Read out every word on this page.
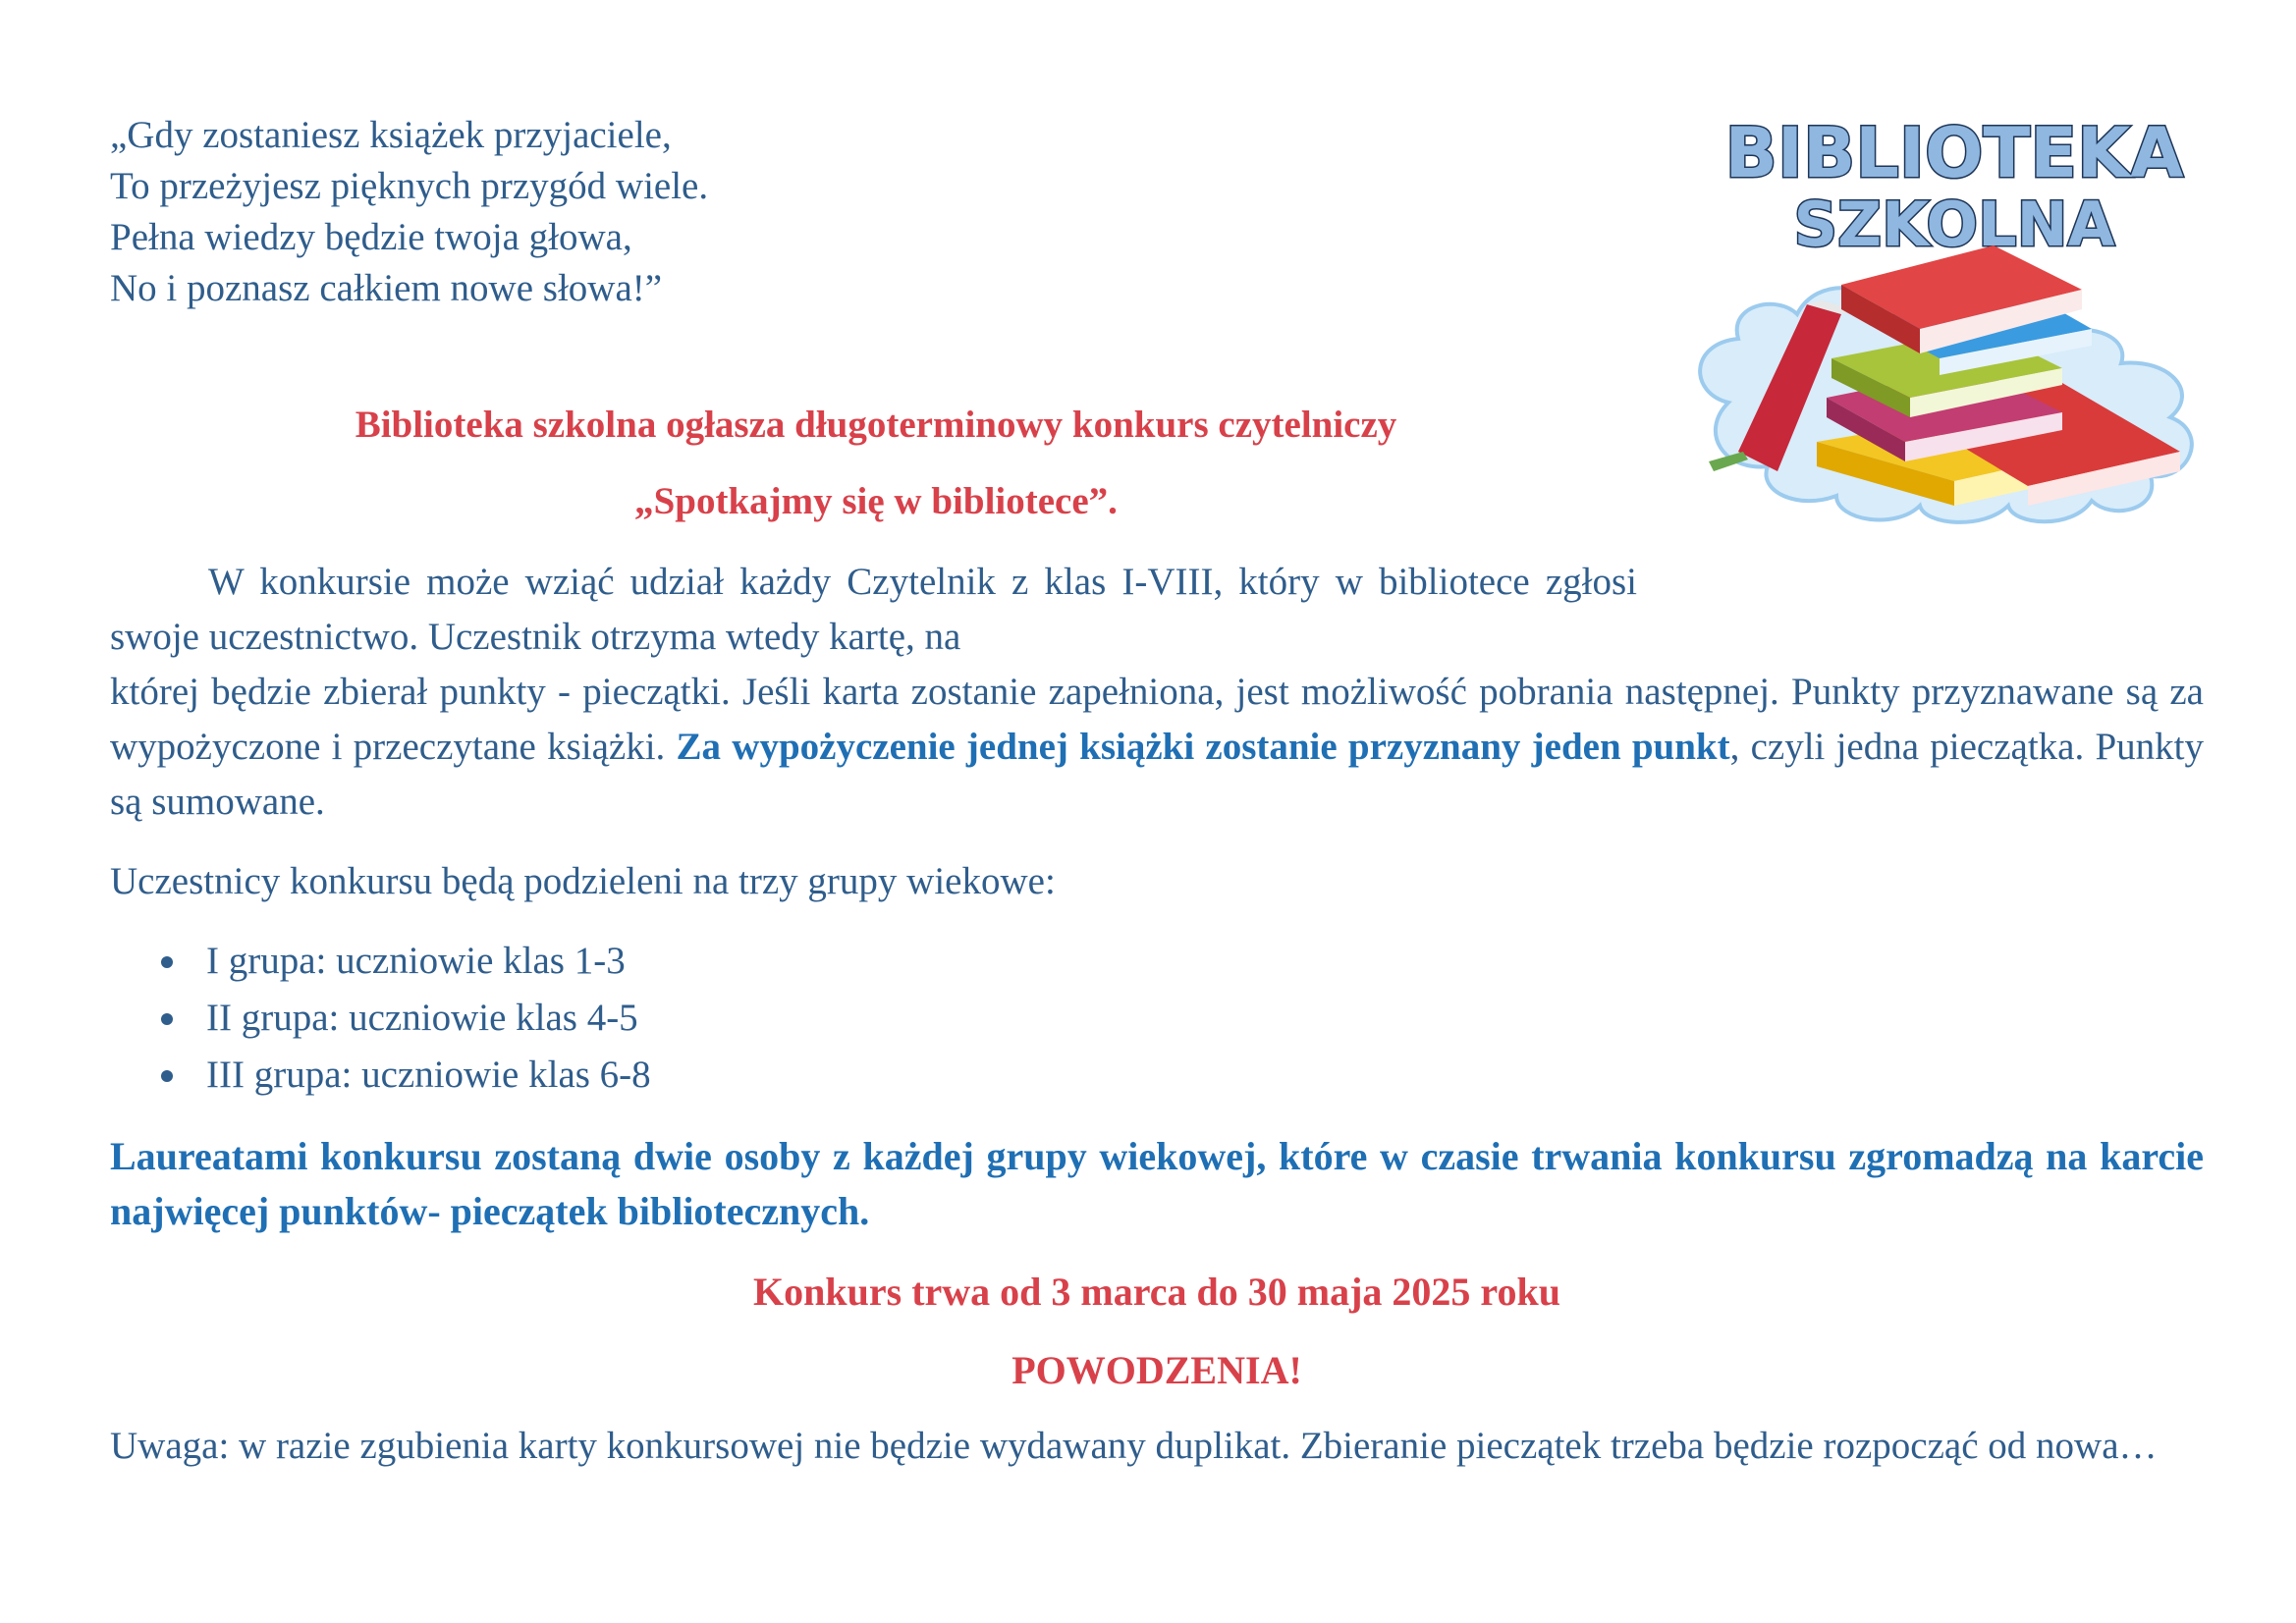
„Gdy zostaniesz książek przyjaciele,
To przeżyjesz pięknych przygód wiele.
Pełna wiedzy będzie twoja głowa,
No i poznasz całkiem nowe słowa!”
BIBLIOTEKA
SZKOLNA
Biblioteka szkolna ogłasza długoterminowy konkurs czytelniczy
„Spotkajmy się w bibliotece”.
W konkursie może wziąć udział każdy Czytelnik z klas I-VIII, który w bibliotece zgłosi swoje uczestnictwo. Uczestnik otrzyma wtedy kartę, na
której będzie zbierał punkty - pieczątki. Jeśli karta zostanie zapełniona, jest możliwość pobrania następnej. Punkty przyznawane są za wypożyczone i przeczytane książki. Za wypożyczenie jednej książki zostanie przyznany jeden punkt, czyli jedna pieczątka. Punkty są sumowane.
Uczestnicy konkursu będą podzieleni na trzy grupy wiekowe:
I grupa: uczniowie klas 1-3
II grupa: uczniowie klas 4-5
III grupa: uczniowie klas 6-8
Laureatami konkursu zostaną dwie osoby z każdej grupy wiekowej, które w czasie trwania konkursu zgromadzą na karcie najwięcej punktów- pieczątek bibliotecznych.
Konkurs trwa od 3 marca do 30 maja 2025 roku
POWODZENIA!
Uwaga: w razie zgubienia karty konkursowej nie będzie wydawany duplikat. Zbieranie pieczątek trzeba będzie rozpocząć od nowa…
